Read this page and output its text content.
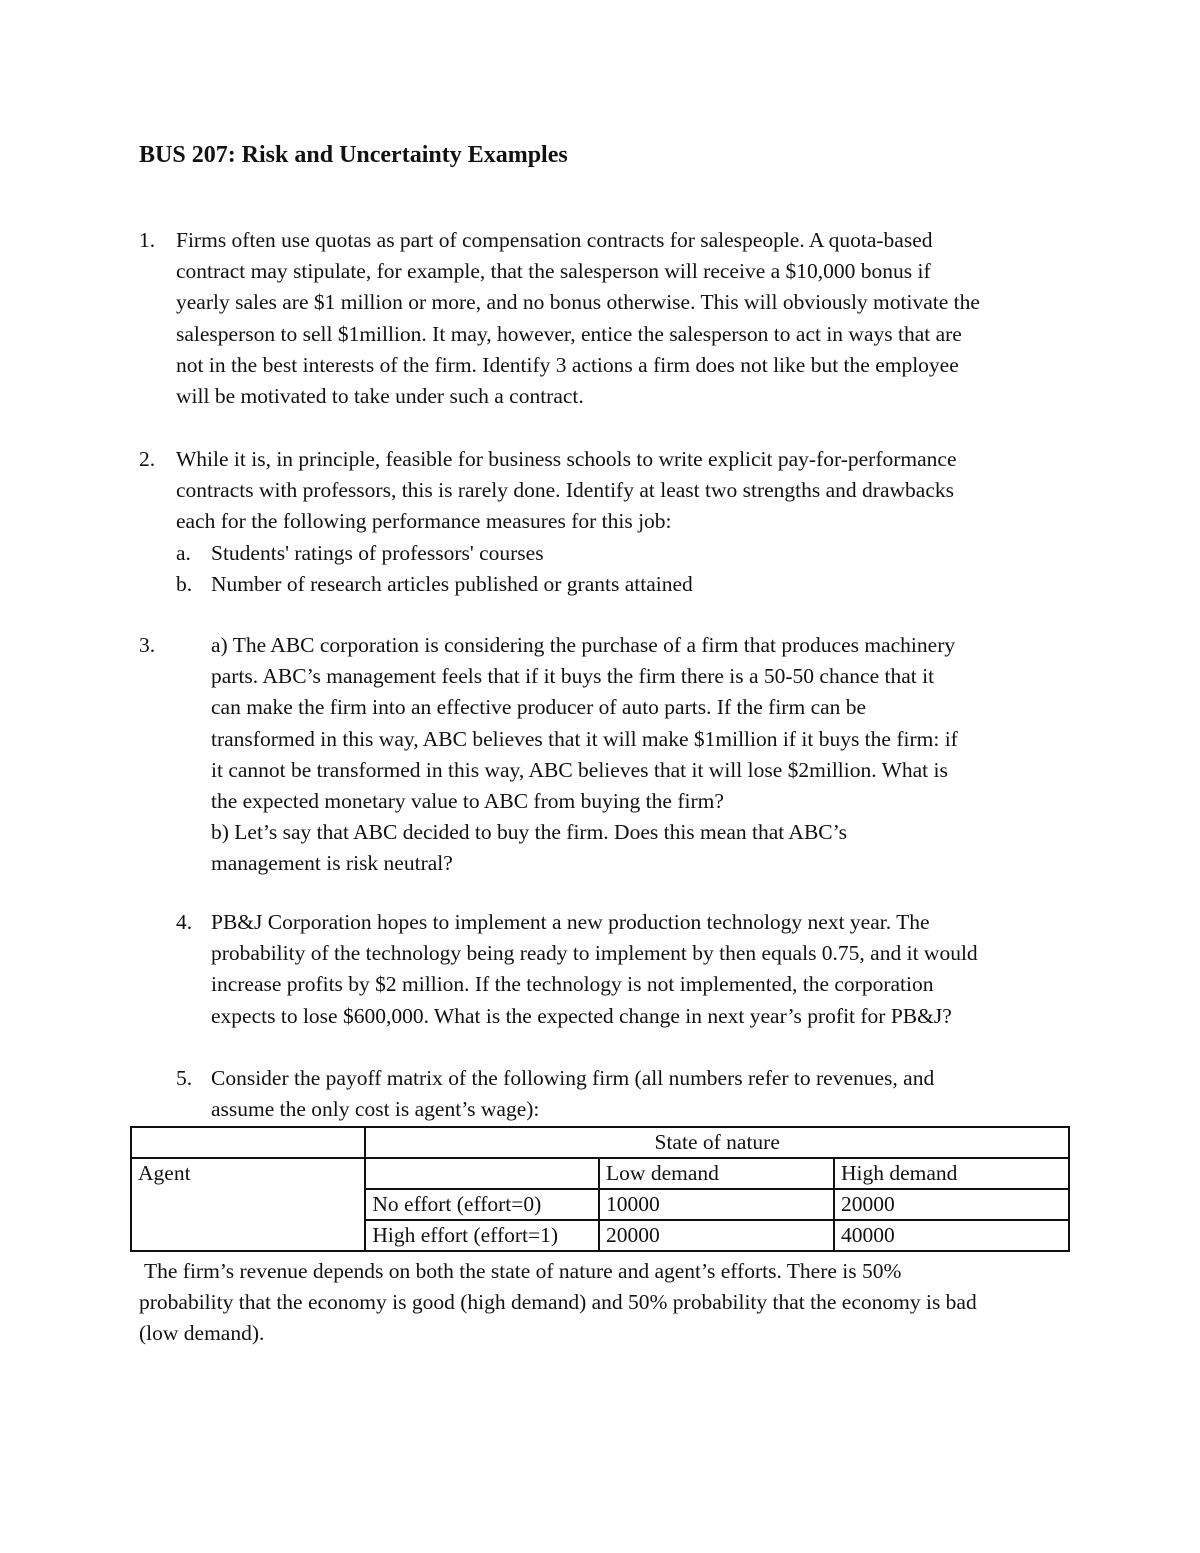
BUS 207: Risk and Uncertainty Examples
1. Firms often use quotas as part of compensation contracts for salespeople. A quota-based
contract may stipulate, for example, that the salesperson will receive a $10,000 bonus if
yearly sales are $1 million or more, and no bonus otherwise. This will obviously motivate the
salesperson to sell $1million. It may, however, entice the salesperson to act in ways that are
not in the best interests of the firm. Identify 3 actions a firm does not like but the employee
will be motivated to take under such a contract.
2. While it is, in principle, feasible for business schools to write explicit pay-for-performance
contracts with professors, this is rarely done. Identify at least two strengths and drawbacks
each for the following performance measures for this job:
a. Students' ratings of professors' courses
b. Number of research articles published or grants attained
3.	a) The ABC corporation is considering the purchase of a firm that produces machinery
parts. ABC’s management feels that if it buys the firm there is a 50-50 chance that it
can make the firm into an effective producer of auto parts. If the firm can be
transformed in this way, ABC believes that it will make $1million if it buys the firm: if
it cannot be transformed in this way, ABC believes that it will lose $2million. What is
the expected monetary value to ABC from buying the firm?
b) Let’s say that ABC decided to buy the firm. Does this mean that ABC’s
management is risk neutral?
4. PB&J Corporation hopes to implement a new production technology next year. The
probability of the technology being ready to implement by then equals 0.75, and it would
increase profits by $2 million. If the technology is not implemented, the corporation
expects to lose $600,000. What is the expected change in next year’s profit for PB&J?
5. Consider the payoff matrix of the following firm (all numbers refer to revenues, and
assume the only cost is agent’s wage):
	State of nature		
Agent		Low demand	High demand
	No effort (effort=0)	10000	20000
	High effort (effort=1)	20000	40000
The firm’s revenue depends on both the state of nature and agent’s efforts. There is 50%
probability that the economy is good (high demand) and 50% probability that the economy is bad
(low demand).
